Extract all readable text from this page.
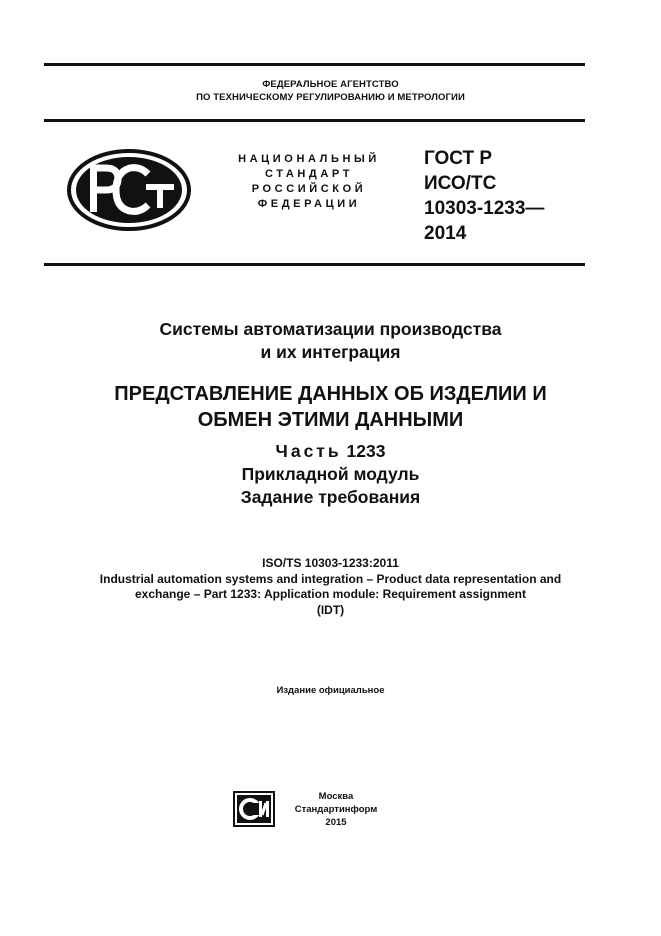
ФЕДЕРАЛЬНОЕ АГЕНТСТВО
ПО ТЕХНИЧЕСКОМУ РЕГУЛИРОВАНИЮ И МЕТРОЛОГИИ
НАЦИОНАЛЬНЫЙ
СТАНДАРТ
РОССИЙСКОЙ
ФЕДЕРАЦИИ
ГОСТ Р
ИСО/ТС
10303-1233—
2014
Системы автоматизации производства
и их интеграция
ПРЕДСТАВЛЕНИЕ ДАННЫХ ОБ ИЗДЕЛИИ И
ОБМЕН ЭТИМИ ДАННЫМИ
Часть 1233
Прикладной модуль
Задание требования
ISO/TS 10303-1233:2011
Industrial automation systems and integration – Product data representation and
exchange – Part 1233: Application module: Requirement assignment
(IDT)
Издание официальное
Москва
Стандартинформ
2015
